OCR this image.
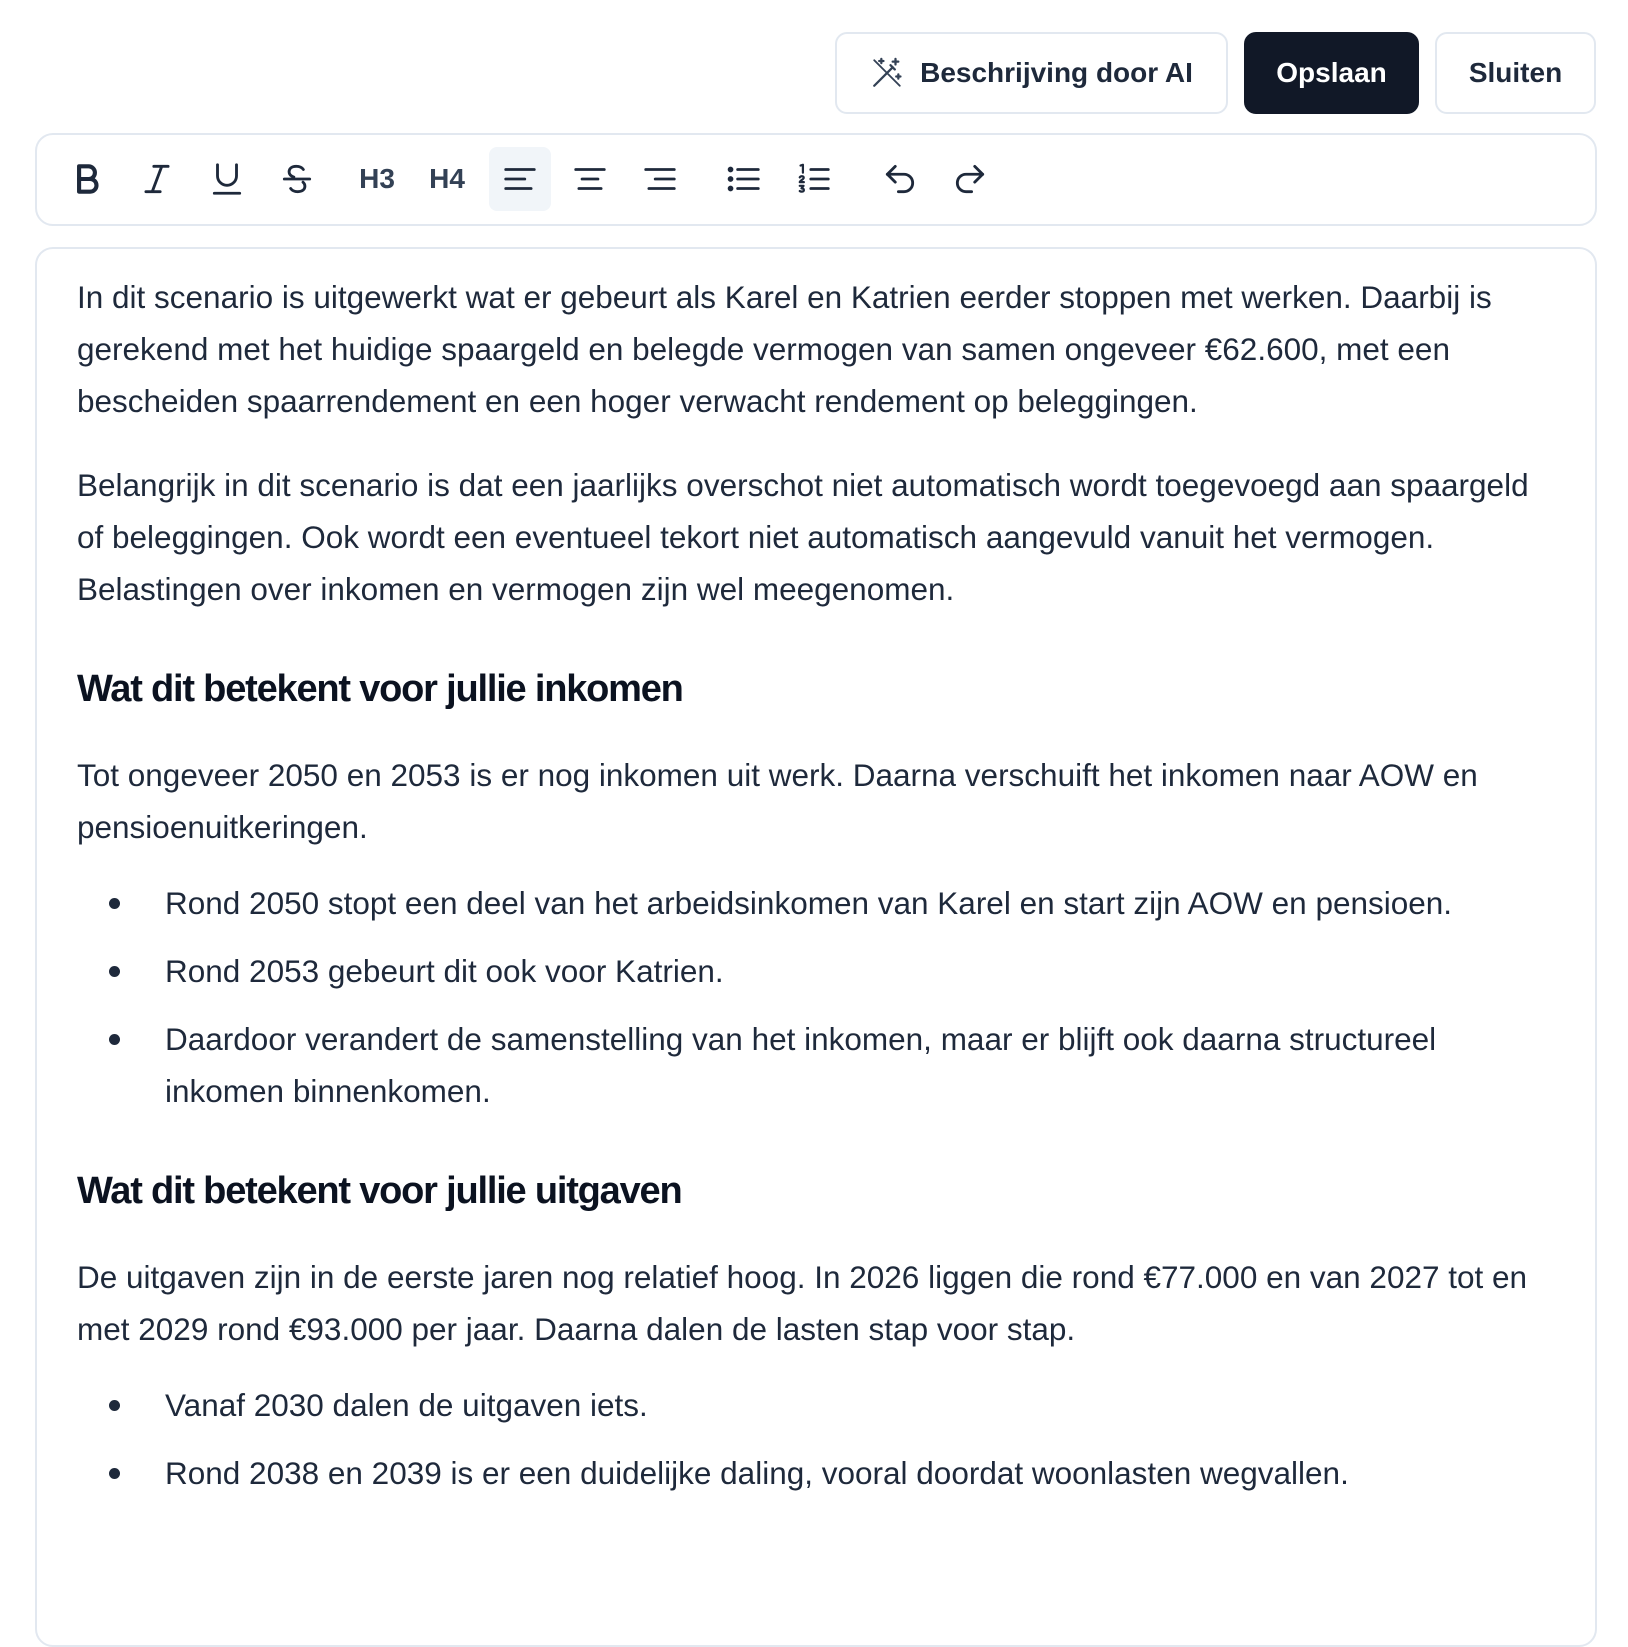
Beschrijving door AI	Opslaan	Sluiten
H3	H4

In dit scenario is uitgewerkt wat er gebeurt als Karel en Katrien eerder stoppen met werken. Daarbij is gerekend met het huidige spaargeld en belegde vermogen van samen ongeveer €62.600, met een bescheiden spaarrendement en een hoger verwacht rendement op beleggingen.

Belangrijk in dit scenario is dat een jaarlijks overschot niet automatisch wordt toegevoegd aan spaargeld of beleggingen. Ook wordt een eventueel tekort niet automatisch aangevuld vanuit het vermogen. Belastingen over inkomen en vermogen zijn wel meegenomen.

Wat dit betekent voor jullie inkomen

Tot ongeveer 2050 en 2053 is er nog inkomen uit werk. Daarna verschuift het inkomen naar AOW en pensioenuitkeringen.

Rond 2050 stopt een deel van het arbeidsinkomen van Karel en start zijn AOW en pensioen.
Rond 2053 gebeurt dit ook voor Katrien.
Daardoor verandert de samenstelling van het inkomen, maar er blijft ook daarna structureel inkomen binnenkomen.
Wat dit betekent voor jullie uitgaven

De uitgaven zijn in de eerste jaren nog relatief hoog. In 2026 liggen die rond €77.000 en van 2027 tot en met 2029 rond €93.000 per jaar. Daarna dalen de lasten stap voor stap.

Vanaf 2030 dalen de uitgaven iets.
Rond 2038 en 2039 is er een duidelijke daling, vooral doordat woonlasten wegvallen.
